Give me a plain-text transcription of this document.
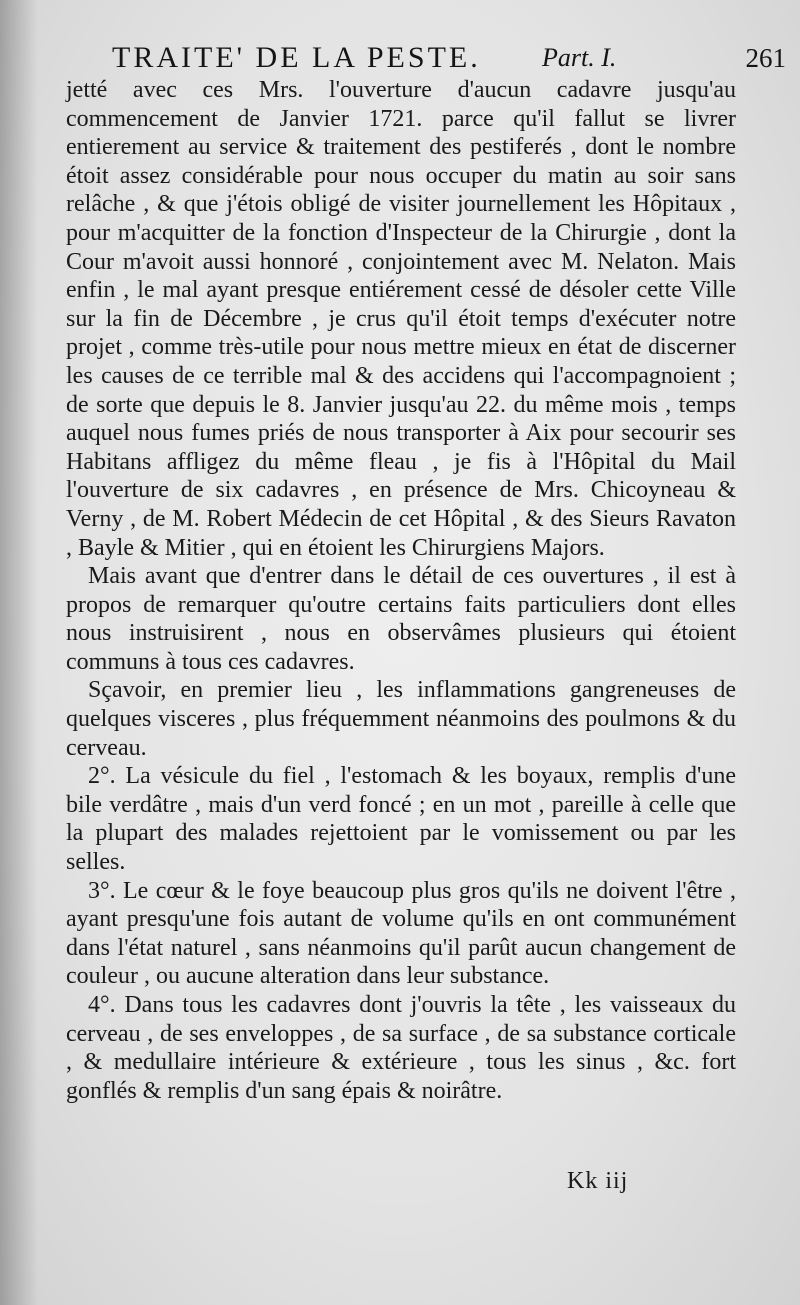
TRAITE' DE LA PESTE. Part. I.	261

jetté avec ces Mrs. l'ouverture d'aucun cadavre jusqu'au commencement de Janvier 1721. parce qu'il fallut se livrer entierement au service & traitement des pestiferés , dont le nombre étoit assez considérable pour nous occuper du matin au soir sans relâche , & que j'étois obligé de visiter journellement les Hôpitaux , pour m'acquitter de la fonction d'Inspecteur de la Chirurgie , dont la Cour m'avoit aussi honnoré , conjointement avec M. Nelaton. Mais enfin , le mal ayant presque entiérement cessé de désoler cette Ville sur la fin de Décembre , je crus qu'il étoit temps d'exécuter notre projet , comme très-utile pour nous mettre mieux en état de discerner les causes de ce terrible mal & des accidens qui l'accompagnoient ; de sorte que depuis le 8. Janvier jusqu'au 22. du même mois , temps auquel nous fumes priés de nous transporter à Aix pour secourir ses Habitans affligez du même fleau , je fis à l'Hôpital du Mail l'ouverture de six cadavres , en présence de Mrs. Chicoyneau & Verny , de M. Robert Médecin de cet Hôpital , & des Sieurs Ravaton , Bayle & Mitier , qui en étoient les Chirurgiens Majors.

Mais avant que d'entrer dans le détail de ces ouvertures , il est à propos de remarquer qu'outre certains faits particuliers dont elles nous instruisirent , nous en observâmes plusieurs qui étoient communs à tous ces cadavres.

Sçavoir, en premier lieu , les inflammations gangreneuses de quelques visceres , plus fréquemment néanmoins des poulmons & du cerveau.

2°. La vésicule du fiel , l'estomach & les boyaux, remplis d'une bile verdâtre , mais d'un verd foncé ; en un mot , pareille à celle que la plupart des malades rejettoient par le vomissement ou par les selles.

3°. Le cœur & le foye beaucoup plus gros qu'ils ne doivent l'être , ayant presqu'une fois autant de volume qu'ils en ont communément dans l'état naturel , sans néanmoins qu'il parût aucun changement de couleur , ou aucune alteration dans leur substance.

4°. Dans tous les cadavres dont j'ouvris la tête , les vaisseaux du cerveau , de ses enveloppes , de sa surface , de sa substance corticale , & medullaire intérieure & extérieure , tous les sinus , &c. fort gonflés & remplis d'un sang épais & noirâtre.

Kk iij
